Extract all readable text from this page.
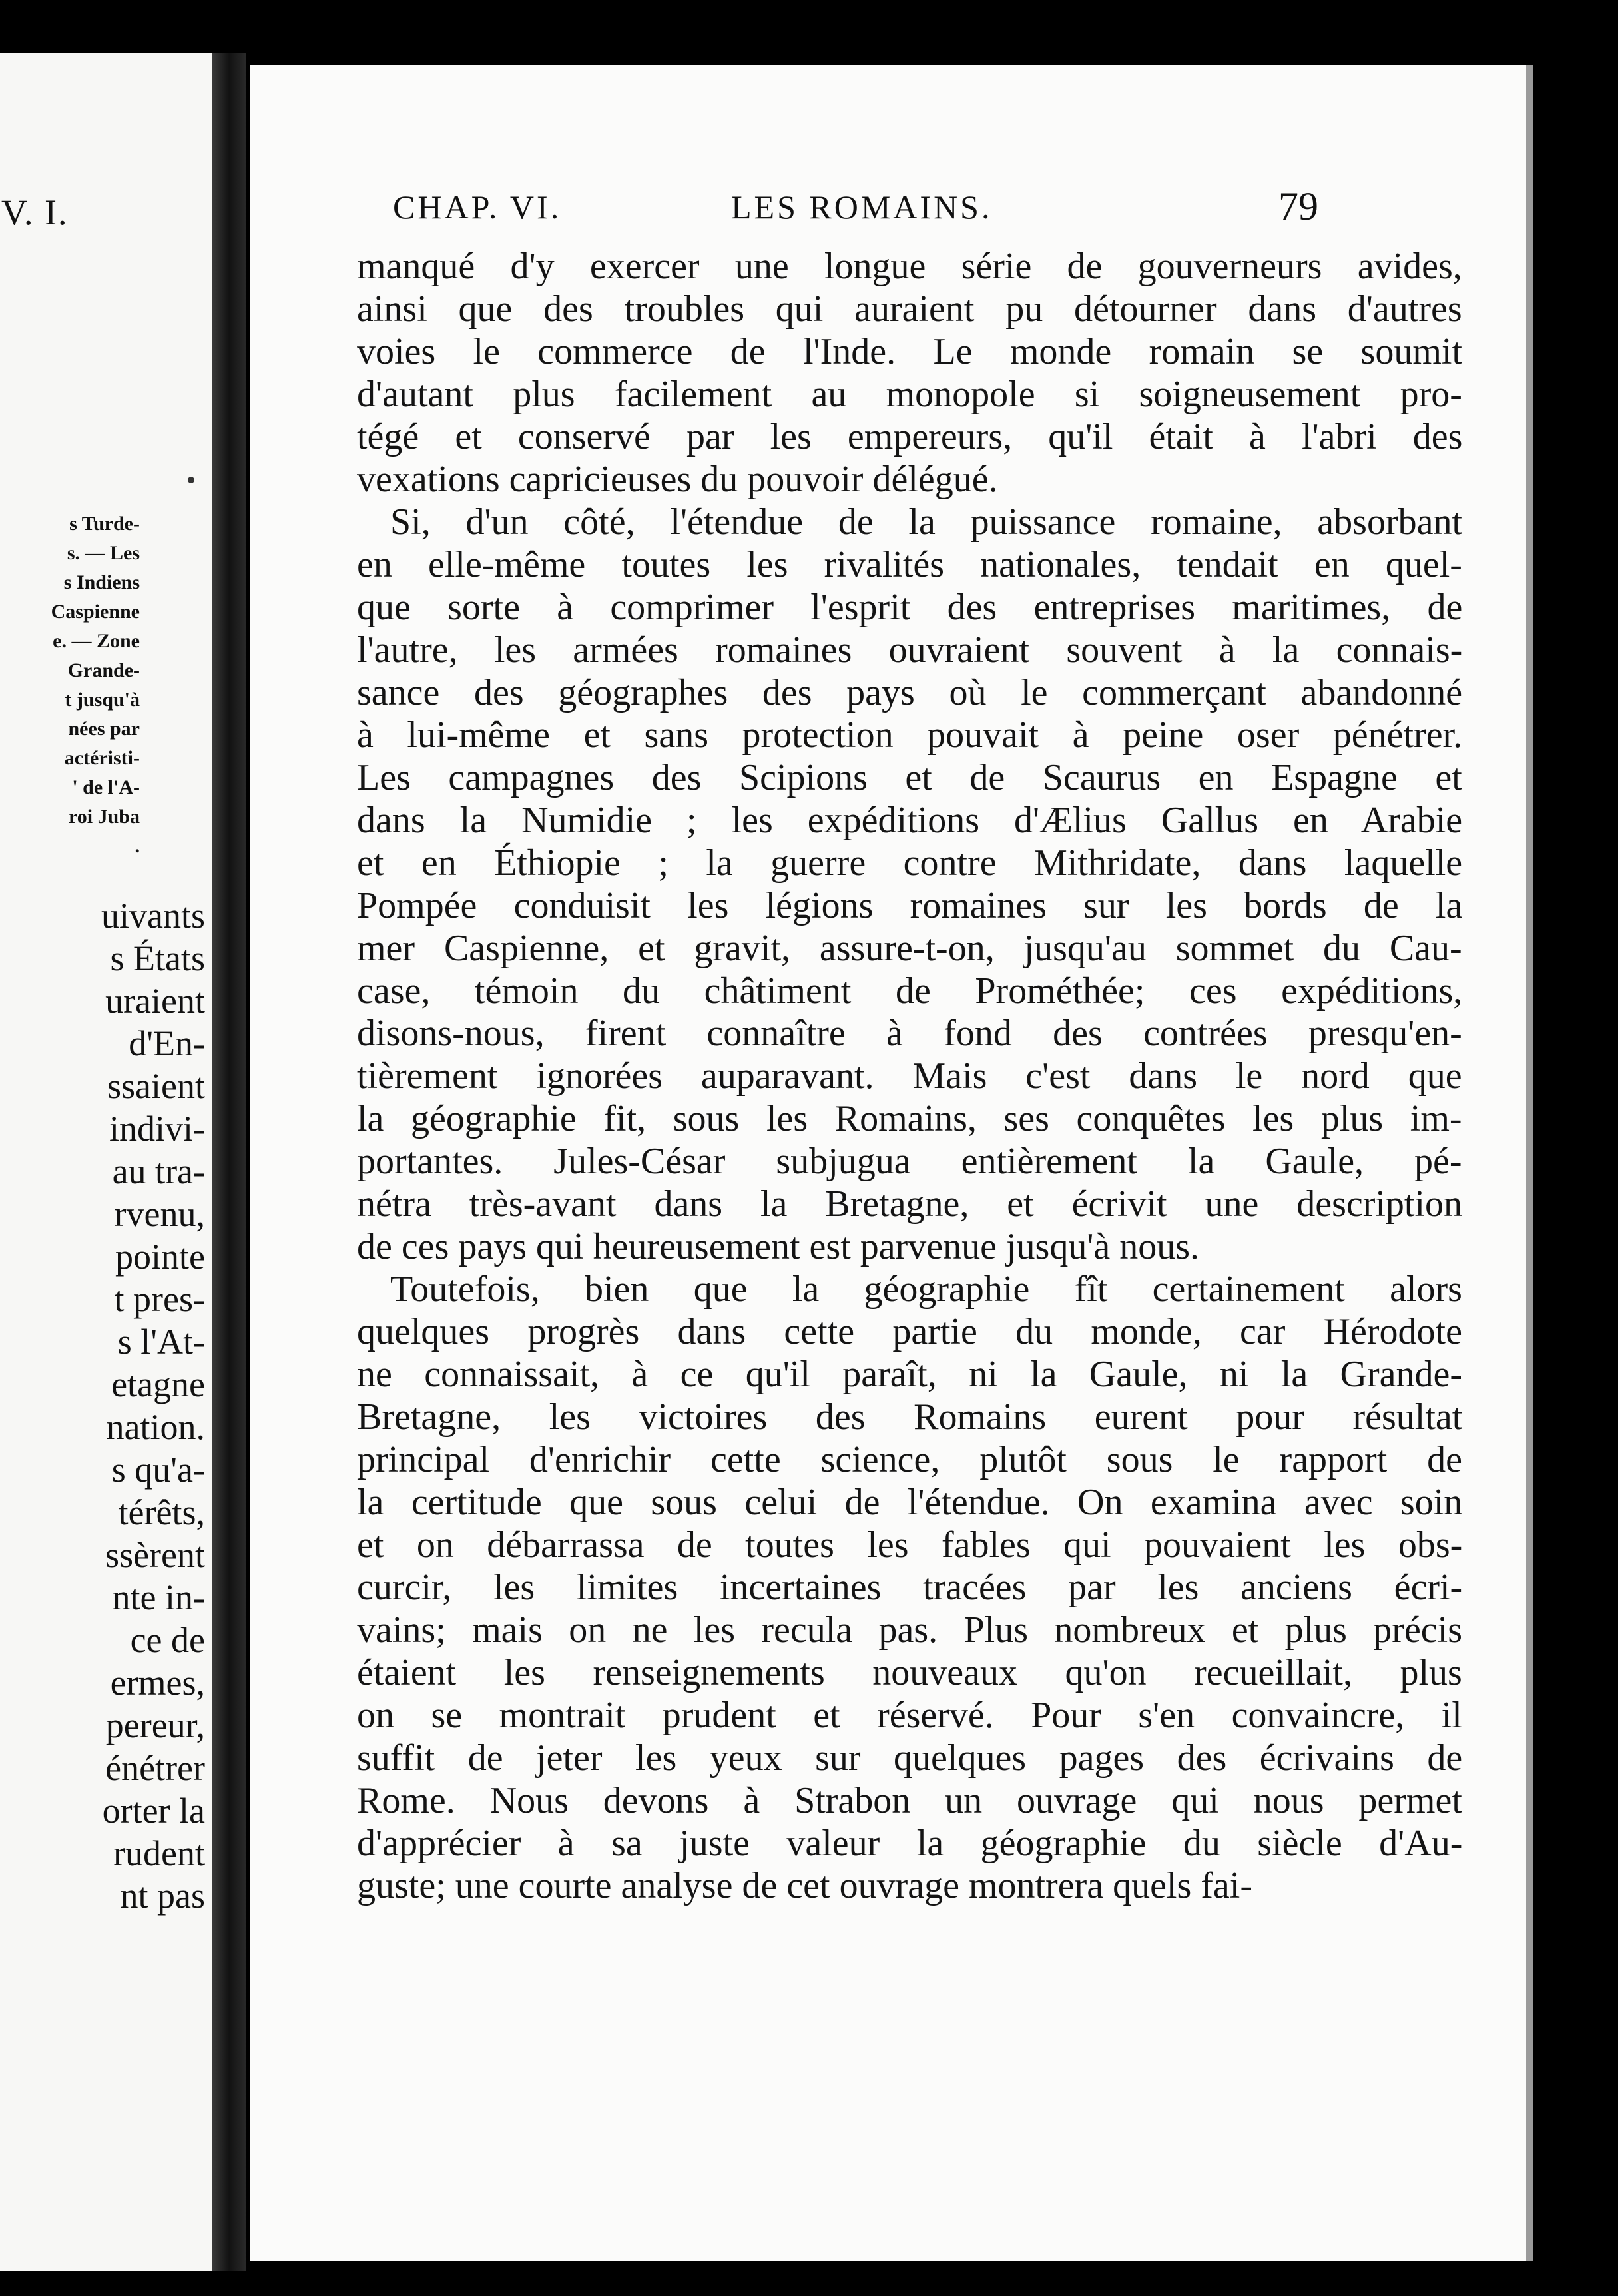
V. I.
s Turde-
s. — Les
s Indiens
Caspienne
e. — Zone
Grande-
t jusqu'à
nées par
actéristi-
' de l'A-
roi Juba
.
uivants
s États
uraient
d'En-
ssaient
indivi-
au tra-
rvenu,
pointe
t pres-
s l'At-
etagne
nation.
s qu'a-
térêts,
ssèrent
nte in-
ce de
ermes,
pereur,
énétrer
orter la
rudent
nt pas
CHAP. VI.	LES ROMAINS.	79
manqué d'y exercer une longue série de gouverneurs avides,
ainsi que des troubles qui auraient pu détourner dans d'autres
voies le commerce de l'Inde. Le monde romain se soumit
d'autant plus facilement au monopole si soigneusement pro-
tégé et conservé par les empereurs, qu'il était à l'abri des
vexations capricieuses du pouvoir délégué.
Si, d'un côté, l'étendue de la puissance romaine, absorbant
en elle-même toutes les rivalités nationales, tendait en quel-
que sorte à comprimer l'esprit des entreprises maritimes, de
l'autre, les armées romaines ouvraient souvent à la connais-
sance des géographes des pays où le commerçant abandonné
à lui-même et sans protection pouvait à peine oser pénétrer.
Les campagnes des Scipions et de Scaurus en Espagne et
dans la Numidie ; les expéditions d'Ælius Gallus en Arabie
et en Éthiopie ; la guerre contre Mithridate, dans laquelle
Pompée conduisit les légions romaines sur les bords de la
mer Caspienne, et gravit, assure-t-on, jusqu'au sommet du Cau-
case, témoin du châtiment de Prométhée; ces expéditions,
disons-nous, firent connaître à fond des contrées presqu'en-
tièrement ignorées auparavant. Mais c'est dans le nord que
la géographie fit, sous les Romains, ses conquêtes les plus im-
portantes. Jules-César subjugua entièrement la Gaule, pé-
nétra très-avant dans la Bretagne, et écrivit une description
de ces pays qui heureusement est parvenue jusqu'à nous.
Toutefois, bien que la géographie fît certainement alors
quelques progrès dans cette partie du monde, car Hérodote
ne connaissait, à ce qu'il paraît, ni la Gaule, ni la Grande-
Bretagne, les victoires des Romains eurent pour résultat
principal d'enrichir cette science, plutôt sous le rapport de
la certitude que sous celui de l'étendue. On examina avec soin
et on débarrassa de toutes les fables qui pouvaient les obs-
curcir, les limites incertaines tracées par les anciens écri-
vains; mais on ne les recula pas. Plus nombreux et plus précis
étaient les renseignements nouveaux qu'on recueillait, plus
on se montrait prudent et réservé. Pour s'en convaincre, il
suffit de jeter les yeux sur quelques pages des écrivains de
Rome. Nous devons à Strabon un ouvrage qui nous permet
d'apprécier à sa juste valeur la géographie du siècle d'Au-
guste; une courte analyse de cet ouvrage montrera quels fai-
